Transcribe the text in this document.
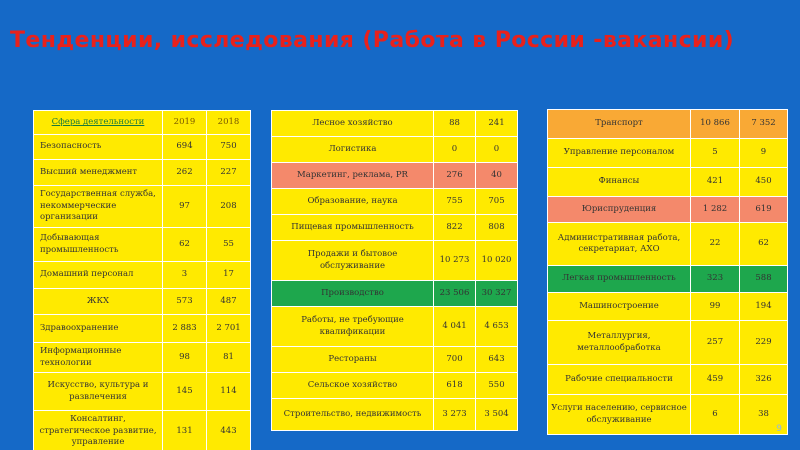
Тенденции, исследования (Работа в России -вакансии)
Сфера деятельности	2019	2018
Безопасность	694	750
Высший менеджмент	262	227
Государственная служба, некоммерческие организации	97	208
Добывающая промышленность	62	55
Домашний персонал	3	17
ЖКХ	573	487
Здравоохранение	2 883	2 701
Информационные технологии	98	81
Искусство, культура и развлечения	145	114
Консалтинг, стратегическое развитие, управление	131	443
Лесное хозяйство	88	241
Логистика	0	0
Маркетинг, реклама, PR	276	40
Образование, наука	755	705
Пищевая промышленность	822	808
Продажи и бытовое обслуживание	10 273	10 020
Производство	23 506	30 327
Работы, не требующие квалификации	4 041	4 653
Рестораны	700	643
Сельское хозяйство	618	550
Строительство, недвижимость	3 273	3 504
Транспорт	10 866	7 352
Управление персоналом	5	9
Финансы	421	450
Юриспруденция	1 282	619
Административная работа, секретариат, АХО	22	62
Легкая промышленность	323	588
Машиностроение	99	194
Металлургия, металлообработка	257	229
Рабочие специальности	459	326
Услуги населению, сервисное обслуживание	6	38
9
